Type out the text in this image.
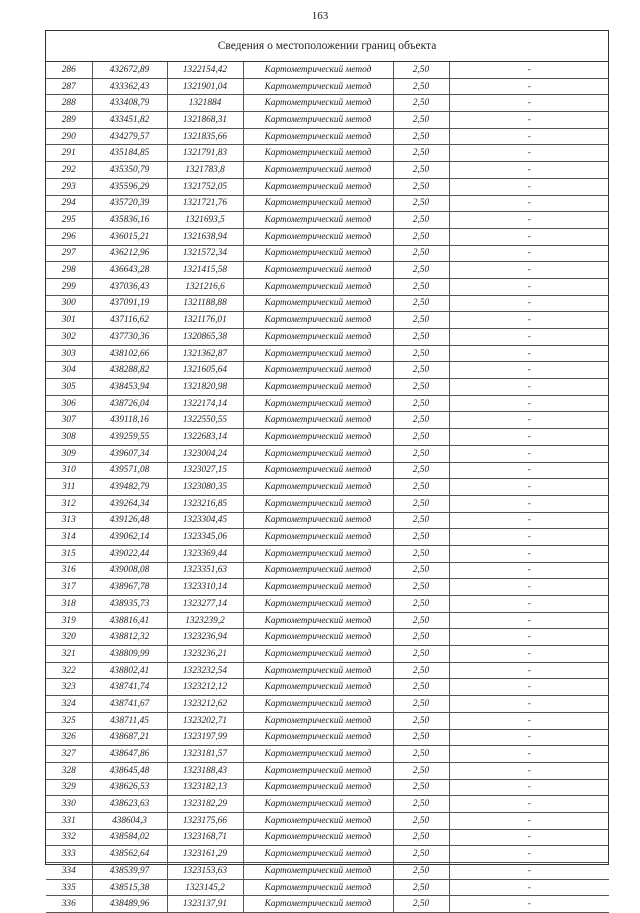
163
Сведения о местоположении границ объекта
286	432672,89	1322154,42	Картометрический метод	2,50	-
287	433362,43	1321901,04	Картометрический метод	2,50	-
288	433408,79	1321884	Картометрический метод	2,50	-
289	433451,82	1321868,31	Картометрический метод	2,50	-
290	434279,57	1321835,66	Картометрический метод	2,50	-
291	435184,85	1321791,83	Картометрический метод	2,50	-
292	435350,79	1321783,8	Картометрический метод	2,50	-
293	435596,29	1321752,05	Картометрический метод	2,50	-
294	435720,39	1321721,76	Картометрический метод	2,50	-
295	435836,16	1321693,5	Картометрический метод	2,50	-
296	436015,21	1321638,94	Картометрический метод	2,50	-
297	436212,96	1321572,34	Картометрический метод	2,50	-
298	436643,28	1321415,58	Картометрический метод	2,50	-
299	437036,43	1321216,6	Картометрический метод	2,50	-
300	437091,19	1321188,88	Картометрический метод	2,50	-
301	437116,62	1321176,01	Картометрический метод	2,50	-
302	437730,36	1320865,38	Картометрический метод	2,50	-
303	438102,66	1321362,87	Картометрический метод	2,50	-
304	438288,82	1321605,64	Картометрический метод	2,50	-
305	438453,94	1321820,98	Картометрический метод	2,50	-
306	438726,04	1322174,14	Картометрический метод	2,50	-
307	439118,16	1322550,55	Картометрический метод	2,50	-
308	439259,55	1322683,14	Картометрический метод	2,50	-
309	439607,34	1323004,24	Картометрический метод	2,50	-
310	439571,08	1323027,15	Картометрический метод	2,50	-
311	439482,79	1323080,35	Картометрический метод	2,50	-
312	439264,34	1323216,85	Картометрический метод	2,50	-
313	439126,48	1323304,45	Картометрический метод	2,50	-
314	439062,14	1323345,06	Картометрический метод	2,50	-
315	439022,44	1323369,44	Картометрический метод	2,50	-
316	439008,08	1323351,63	Картометрический метод	2,50	-
317	438967,78	1323310,14	Картометрический метод	2,50	-
318	438935,73	1323277,14	Картометрический метод	2,50	-
319	438816,41	1323239,2	Картометрический метод	2,50	-
320	438812,32	1323236,94	Картометрический метод	2,50	-
321	438809,99	1323236,21	Картометрический метод	2,50	-
322	438802,41	1323232,54	Картометрический метод	2,50	-
323	438741,74	1323212,12	Картометрический метод	2,50	-
324	438741,67	1323212,62	Картометрический метод	2,50	-
325	438711,45	1323202,71	Картометрический метод	2,50	-
326	438687,21	1323197,99	Картометрический метод	2,50	-
327	438647,86	1323181,57	Картометрический метод	2,50	-
328	438645,48	1323188,43	Картометрический метод	2,50	-
329	438626,53	1323182,13	Картометрический метод	2,50	-
330	438623,63	1323182,29	Картометрический метод	2,50	-
331	438604,3	1323175,66	Картометрический метод	2,50	-
332	438584,02	1323168,71	Картометрический метод	2,50	-
333	438562,64	1323161,29	Картометрический метод	2,50	-
334	438539,97	1323153,63	Картометрический метод	2,50	-
335	438515,38	1323145,2	Картометрический метод	2,50	-
336	438489,96	1323137,91	Картометрический метод	2,50	-
